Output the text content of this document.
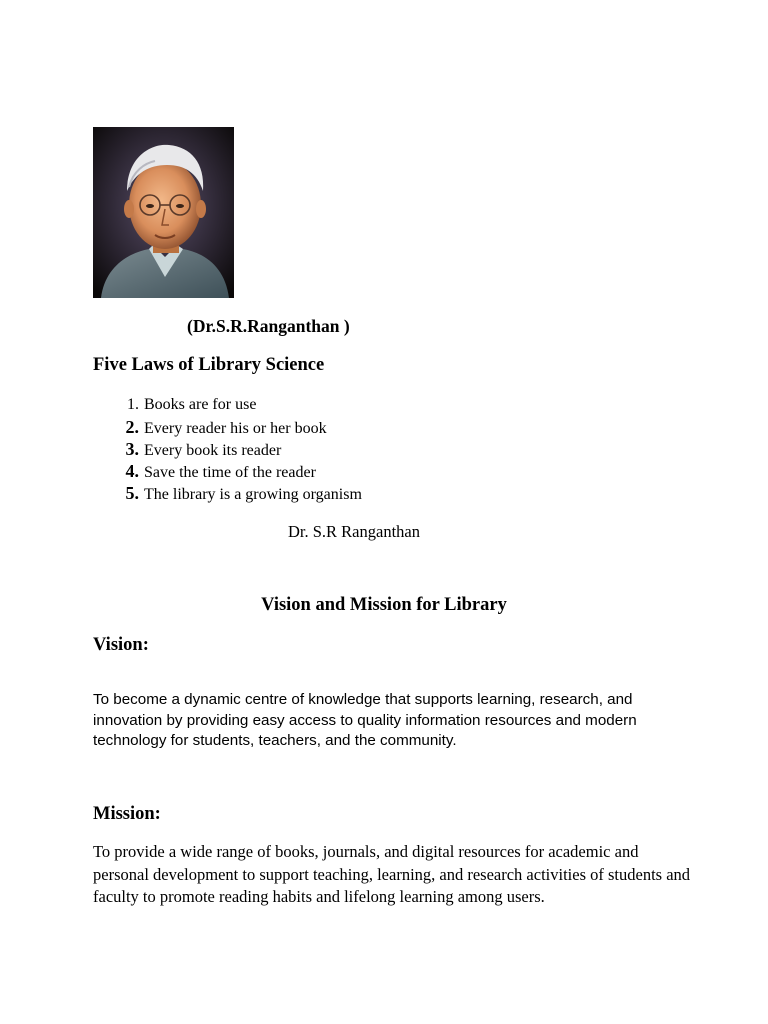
(Dr.S.R.Ranganthan )
Five Laws of Library Science
1. Books are for use
2. Every reader his or her book
3. Every book its reader
4. Save the time of the reader
5. The library is a growing organism
Dr. S.R Ranganthan
Vision and Mission for Library
Vision:

To become a dynamic centre of knowledge that supports learning, research, and innovation by providing easy access to quality information resources and modern technology for students, teachers, and the community.

Mission:

To provide a wide range of books, journals, and digital resources for academic and personal development to support teaching, learning, and research activities of students and faculty to promote reading habits and lifelong learning among users.
